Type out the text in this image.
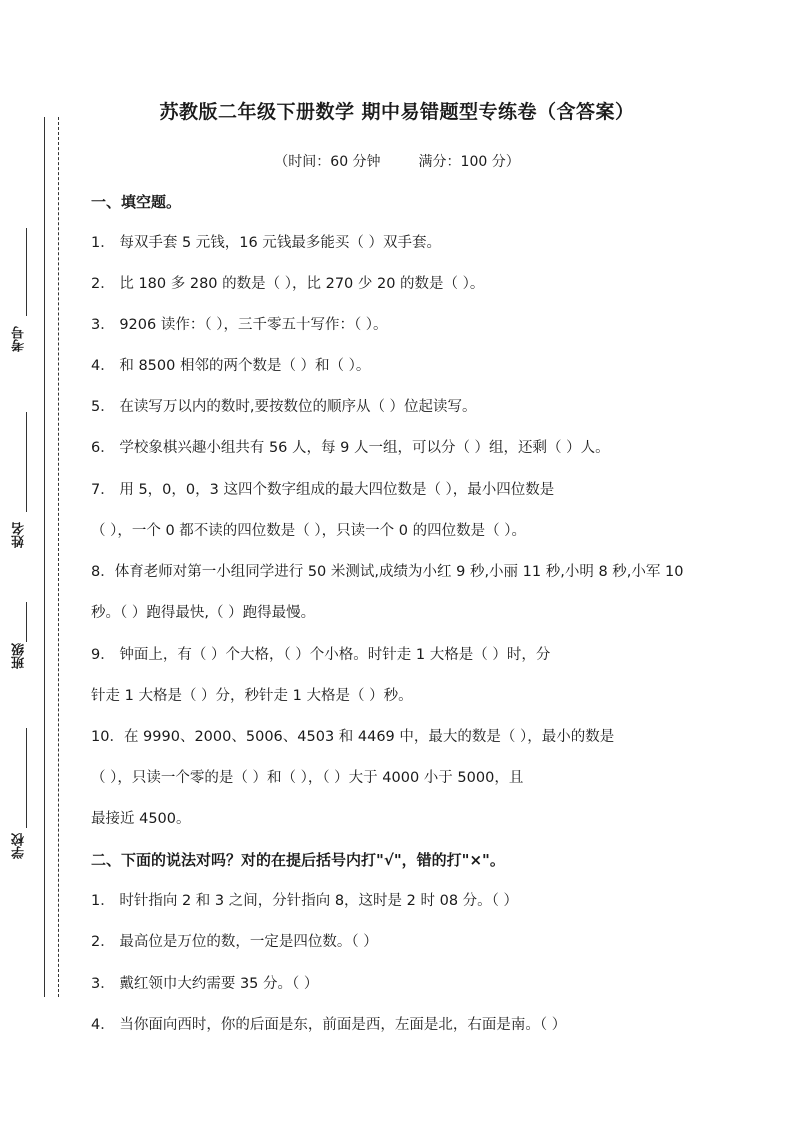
考号
姓名
班级
学校
苏教版二年级下册数学 期中易错题型专练卷（含答案）
（时间：60 分钟	满分：100 分）
一、填空题。
1． 每双手套 5 元钱，16 元钱最多能买（ ）双手套。
2． 比 180 多 280 的数是（ ），比 270 少 20 的数是（ ）。
3． 9206 读作：（ ），三千零五十写作：（ ）。
4． 和 8500 相邻的两个数是（ ）和（ ）。
5． 在读写万以内的数时,要按数位的顺序从（ ）位起读写。
6． 学校象棋兴趣小组共有 56 人，每 9 人一组，可以分（ ）组，还剩（ ）人。
7． 用 5，0，0，3 这四个数字组成的最大四位数是（ ），最小四位数是
（ ），一个 0 都不读的四位数是（ ），只读一个 0 的四位数是（ ）。
8．体育老师对第一小组同学进行 50 米测试,成绩为小红 9 秒,小丽 11 秒,小明 8 秒,小军 10
秒。（ ）跑得最快,（ ）跑得最慢。
9． 钟面上，有（ ）个大格，（ ）个小格。时针走 1 大格是（ ）时，分
针走 1 大格是（ ）分，秒针走 1 大格是（ ）秒。
10．在 9990、2000、5006、4503 和 4469 中，最大的数是（ ），最小的数是
（ ），只读一个零的是（ ）和（ ），（ ）大于 4000 小于 5000，且
最接近 4500。
二、下面的说法对吗？对的在提后括号内打"√"，错的打"×"。
1． 时针指向 2 和 3 之间，分针指向 8，这时是 2 时 08 分。（ ）
2． 最高位是万位的数，一定是四位数。（ ）
3． 戴红领巾大约需要 35 分。（ ）
4． 当你面向西时，你的后面是东，前面是西，左面是北，右面是南。（ ）
